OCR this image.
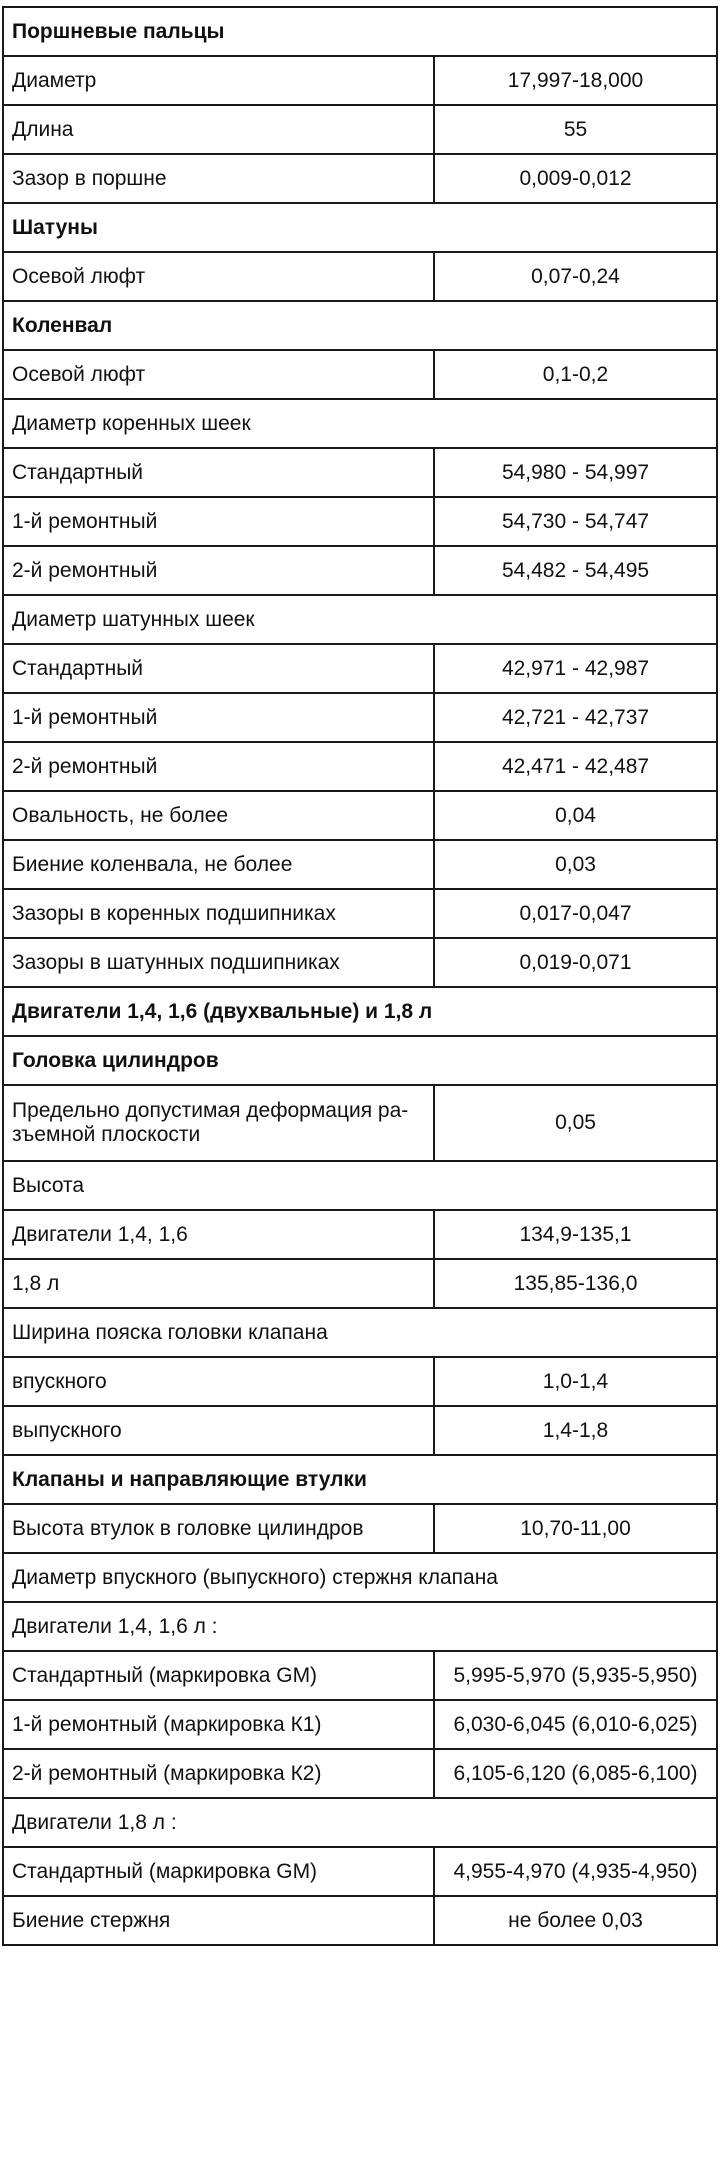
Поршневые пальцы	
Диаметр	17,997-18,000
Длина	55
Зазор в поршне	0,009-0,012
Шатуны	
Осевой люфт	0,07-0,24
Коленвал	
Осевой люфт	0,1-0,2
Диаметр коренных шеек	
Стандартный	54,980 - 54,997
1-й ремонтный	54,730 - 54,747
2-й ремонтный	54,482 - 54,495
Диаметр шатунных шеек	
Стандартный	42,971 - 42,987
1-й ремонтный	42,721 - 42,737
2-й ремонтный	42,471 - 42,487
Овальность, не более	0,04
Биение коленвала, не более	0,03
Зазоры в коренных подшипниках	0,017-0,047
Зазоры в шатунных подшипниках	0,019-0,071
Двигатели 1,4, 1,6 (двухвальные) и 1,8 л	
Головка цилиндров	
Предельно допустимая деформация ра-зъемной плоскости	0,05
Высота	
Двигатели 1,4, 1,6	134,9-135,1
1,8 л	135,85-136,0
Ширина пояска головки клапана	
впускного	1,0-1,4
выпускного	1,4-1,8
Клапаны и направляющие втулки	
Высота втулок в головке цилиндров	10,70-11,00
Диаметр впускного (выпускного) стержня клапана	
Двигатели 1,4, 1,6 л :	
Стандартный (маркировка GM)	5,995-5,970 (5,935-5,950)
1-й ремонтный (маркировка К1)	6,030-6,045 (6,010-6,025)
2-й ремонтный (маркировка К2)	6,105-6,120 (6,085-6,100)
Двигатели 1,8 л :	
Стандартный (маркировка GM)	4,955-4,970 (4,935-4,950)
Биение стержня	не более 0,03
